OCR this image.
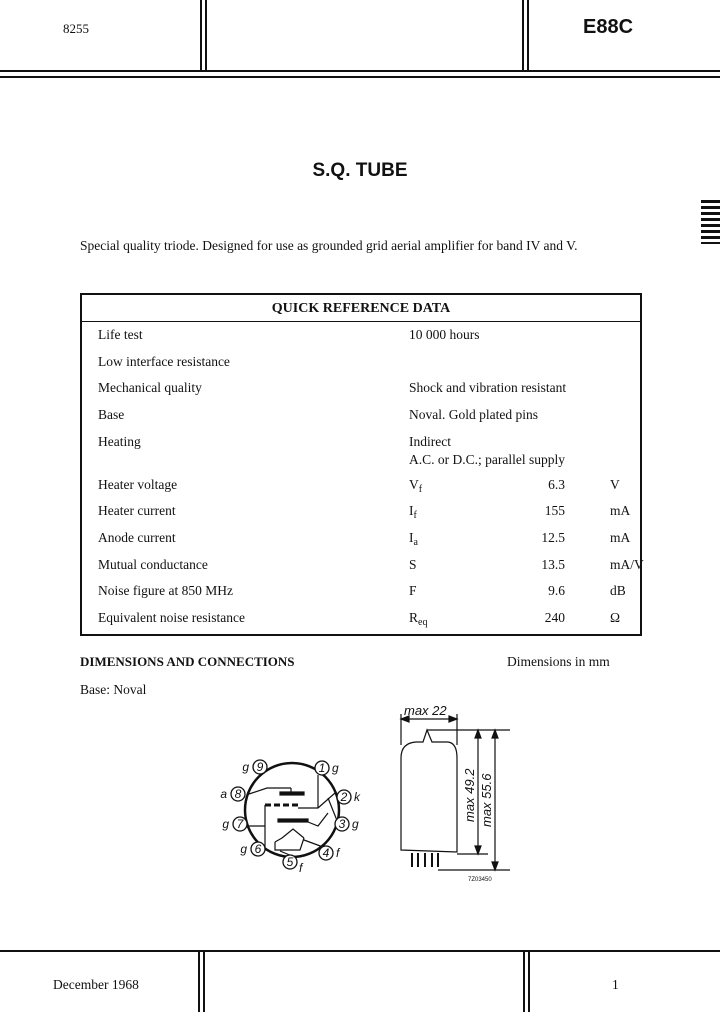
8255	E88C
S.Q. TUBE
Special quality triode. Designed for use as grounded grid aerial amplifier for band IV and V.
QUICK REFERENCE DATA
Life test	10 000 hours
Low interface resistance
Mechanical quality	Shock and vibration resistant
Base	Noval. Gold plated pins
Heating	Indirect
A.C. or D.C.; parallel supply
Heater voltage	$V_f$	6.3	V
Heater current	$I_f$	155	mA
Anode current	$I_a$	12.5	mA
Mutual conductance	S	13.5	mA/V
Noise figure at 850 MHz	F	9.6	dB
Equivalent noise resistance	$R_{eq}$	240	Ω
DIMENSIONS AND CONNECTIONS	Dimensions in mm
Base: Noval
1 g
2 k
3 g
4 f
5 f
6
g
7
g
8
a
9
g
max 22
max 49.2 max 55.6
7Z03450
December 1968	1
